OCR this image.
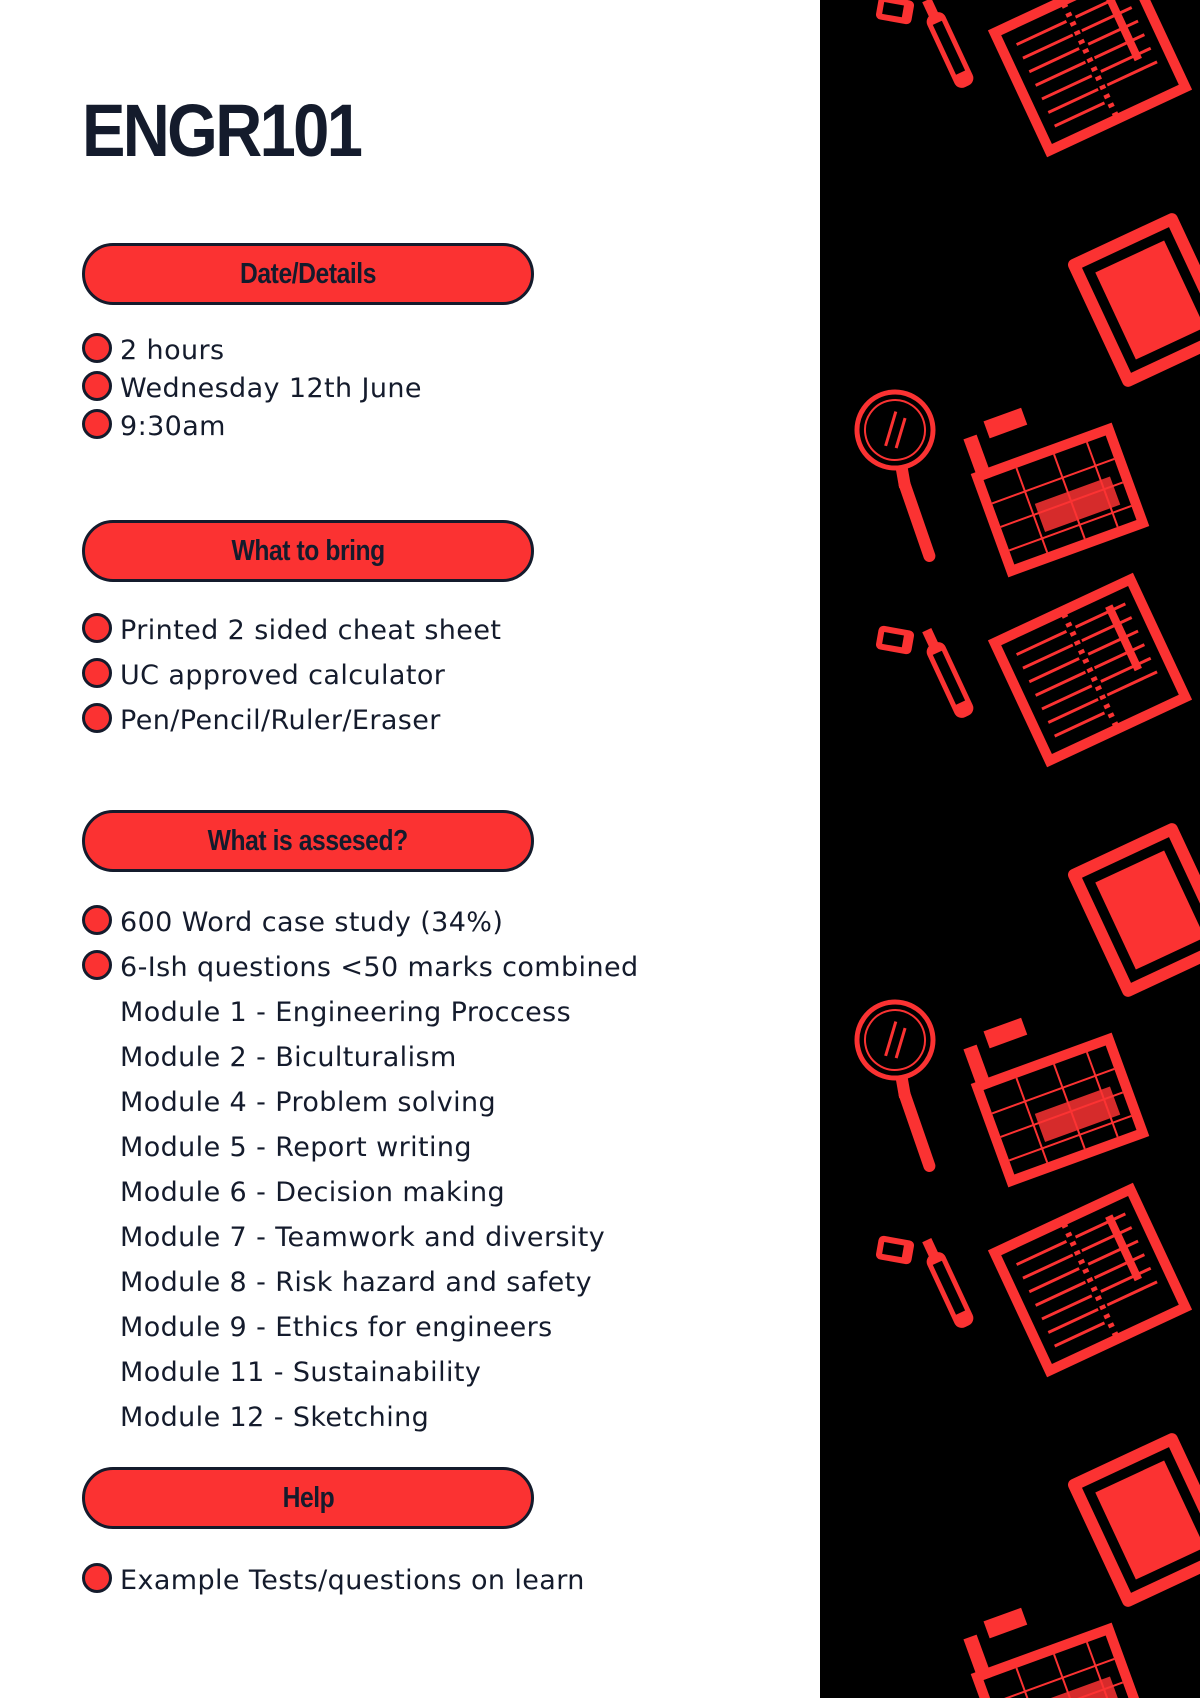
ENGR101
Date/Details
2 hours
Wednesday 12th June
9:30am
What to bring
Printed 2 sided cheat sheet
UC approved calculator
Pen/Pencil/Ruler/Eraser
What is assesed?
600 Word case study (34%)
6-Ish questions <50 marks combined
Module 1 - Engineering Proccess
Module 2 - Biculturalism
Module 4 - Problem solving
Module 5 - Report writing
Module 6 - Decision making
Module 7 - Teamwork and diversity
Module 8 - Risk hazard and safety
Module 9 - Ethics for engineers
Module 11 - Sustainability
Module 12 - Sketching
Help
Example Tests/questions on learn
